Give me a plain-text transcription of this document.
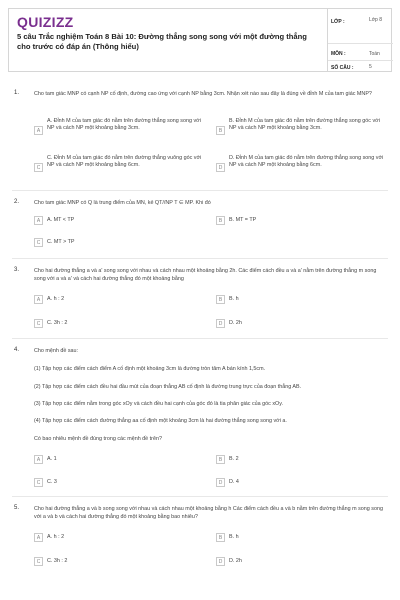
QUIZIZZ
5 câu Trắc nghiệm Toán 8 Bài 10: Đường thẳng song song với một đường thẳng cho trước có đáp án (Thông hiểu)
LỚP :	Lớp 8
MÔN :	Toán
SỐ CÂU :	5
1.	Cho tam giác MNP có cạnh NP cố định, đường cao ứng với cạnh NP bằng 3cm. Nhận xét nào sau đây là đúng về đỉnh M của tam giác MNP?
A
A. Đỉnh M của tam giác đó nằm trên đường thẳng song song với NP và cách NP một khoảng bằng 3cm.	B
B. Đỉnh M của tam giác đó nằm trên đường thẳng song góc với NP và cách NP một khoảng bằng 3cm.
C
C. Đỉnh M của tam giác đó nằm trên đường thẳng vuông góc với NP và cách NP một khoảng bằng 6cm.	D
D. Đỉnh M của tam giác đó nằm trên đường thẳng song song với NP và cách NP một khoảng bằng 6cm.
2.	Cho tam giác MNP có Q là trung điểm của MN, kẻ QT//NP T ∈ MP. Khi đó
A	A. MT < TP	B	B. MT = TP
C	C. MT > TP
3.	Cho hai đường thẳng a và a' song song với nhau và cách nhau một khoảng bằng 2h. Các điểm cách đều a và a' nằm trên đường thẳng m song song với a và a' và cách hai đường thẳng đó một khoảng bằng
A	A. h : 2	B	B. h
C	C. 3h : 2	D	D. 2h
4.	Cho mệnh đề sau:
(1) Tập hợp các điểm cách điểm A cố định một khoảng 3cm là đường tròn tâm A bán kính 1,5cm.
(2) Tập hợp các điểm cách đều hai đầu mút của đoạn thẳng AB cố định là đường trung trực của đoạn thẳng AB.
(3) Tập hợp các điểm nằm trong góc xOy và cách đều hai cạnh của góc đó là tia phân giác của góc xOy.
(4) Tập hợp các điểm cách đường thẳng aa cố định một khoảng 3cm là hai đường thẳng song song với a.
Có bao nhiêu mệnh đề đúng trong các mệnh đề trên?
A	A. 1	B	B. 2
C	C. 3	D	D. 4
5.	Cho hai đường thẳng a và b song song với nhau và cách nhau một khoảng bằng h Các điểm cách đều a và b nằm trên đường thẳng m song song với a và b và cách hai đường thẳng đó một khoảng bằng bao nhiêu?
A	A. h : 2	B	B. h
C	C. 3h : 2	D	D. 2h
